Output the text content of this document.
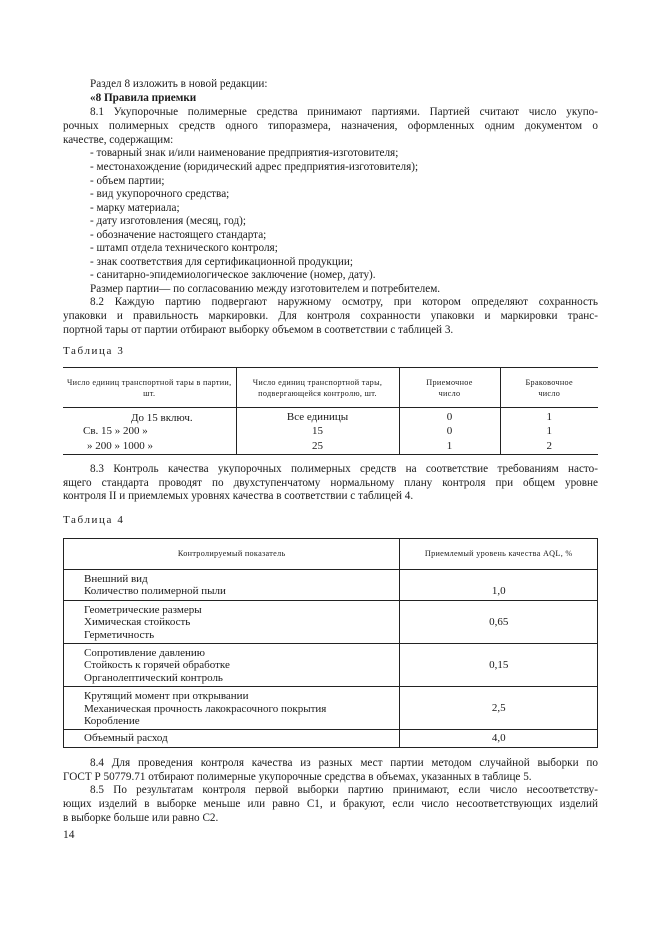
Раздел 8 изложить в новой редакции:
«8 Правила приемки
8.1 Укупорочные полимерные средства принимают партиями. Партией считают число укупо-
рочных полимерных средств одного типоразмера, назначения, оформленных одним документом о
качестве, содержащим:
- товарный знак и/или наименование предприятия-изготовителя;
- местонахождение (юридический адрес предприятия-изготовителя);
- объем партии;
- вид укупорочного средства;
- марку материала;
- дату изготовления (месяц, год);
- обозначение настоящего стандарта;
- штамп отдела технического контроля;
- знак соответствия для сертификационной продукции;
- санитарно-эпидемиологическое заключение (номер, дату).
Размер партии— по согласованию между изготовителем и потребителем.
8.2 Каждую партию подвергают наружному осмотру, при котором определяют сохранность
упаковки и правильность маркировки. Для контроля сохранности упаковки и маркировки транс-
портной тары от партии отбирают выборку объемом в соответствии с таблицей 3.
Таблица 3
Число единиц транспортной тары в партии, шт.	Число единиц транспортной тары, подвергающейся контролю, шт.	Приемочное число	Браковочное число
До 15 включ.	Все единицы	0	1
Св. 15 » 200 »	15	0	1
» 200 » 1000 »	25	1	2
8.3 Контроль качества укупорочных полимерных средств на соответствие требованиям насто-
ящего стандарта проводят по двухступенчатому нормальному плану контроля при общем уровне
контроля II и приемлемых уровнях качества в соответствии с таблицей 4.
Таблица 4
Контролируемый показатель	Приемлемый уровень качества AQL, %

Внешний вид
Количество полимерной пыли	1,0

Геометрические размеры
Химическая стойкость
Герметичность	0,65

Сопротивление давлению
Стойкость к горячей обработке
Органолептический контроль	0,15

Крутящий момент при открывании
Механическая прочность лакокрасочного покрытия
Коробление	2,5

Объемный расход	4,0
8.4 Для проведения контроля качества из разных мест партии методом случайной выборки по
ГОСТ Р 50779.71 отбирают полимерные укупорочные средства в объемах, указанных в таблице 5.
8.5 По результатам контроля первой выборки партию принимают, если число несоответству-
ющих изделий в выборке меньше или равно C1, и бракуют, если число несоответствующих изделий
в выборке больше или равно C2.
14
